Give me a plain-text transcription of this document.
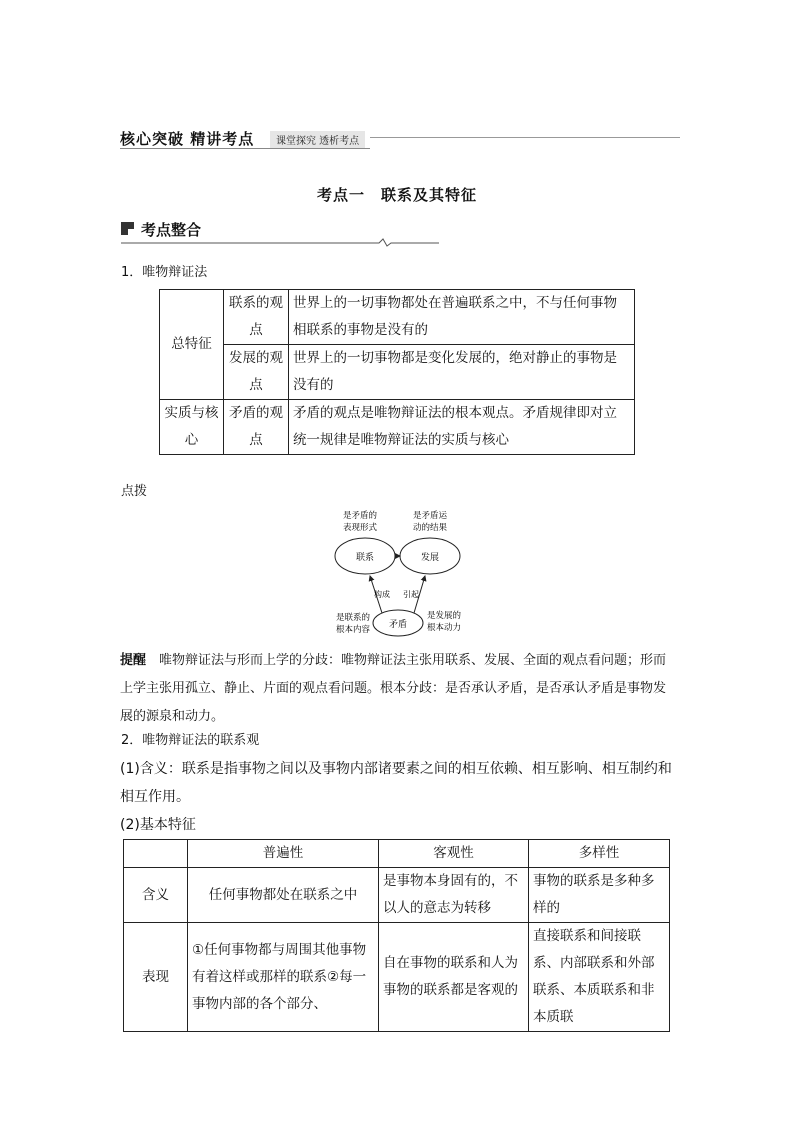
核心突破 精讲考点	课堂探究 透析考点
考点一　联系及其特征
考点整合
1．唯物辩证法
总特征	联系的观点	世界上的一切事物都处在普遍联系之中，不与任何事物相联系的事物是没有的
	发展的观点	世界上的一切事物都是变化发展的，绝对静止的事物是没有的
实质与核心	矛盾的观点	矛盾的观点是唯物辩证法的根本观点。矛盾规律即对立统一规律是唯物辩证法的实质与核心
点拨
联系	发展
矛盾
是矛盾的
表现形式
是矛盾运
动的结果
是联系的
根本内容
是发展的
根本动力
构成 引起
提醒　 唯物辩证法与形而上学的分歧：唯物辩证法主张用联系、发展、全面的观点看问题；形而上学主张用孤立、静止、片面的观点看问题。根本分歧：是否承认矛盾，是否承认矛盾是事物发展的源泉和动力。
2．唯物辩证法的联系观
(1)含义：联系是指事物之间以及事物内部诸要素之间的相互依赖、相互影响、相互制约和相互作用。
(2)基本特征
	普遍性	客观性	多样性
含义	任何事物都处在联系之中	是事物本身固有的，不以人的意志为转移	事物的联系是多种多样的
表现	①任何事物都与周围其他事物有着这样或那样的联系②每一事物内部的各个部分、	自在事物的联系和人为事物的联系都是客观的	直接联系和间接联系、内部联系和外部联系、本质联系和非本质联
